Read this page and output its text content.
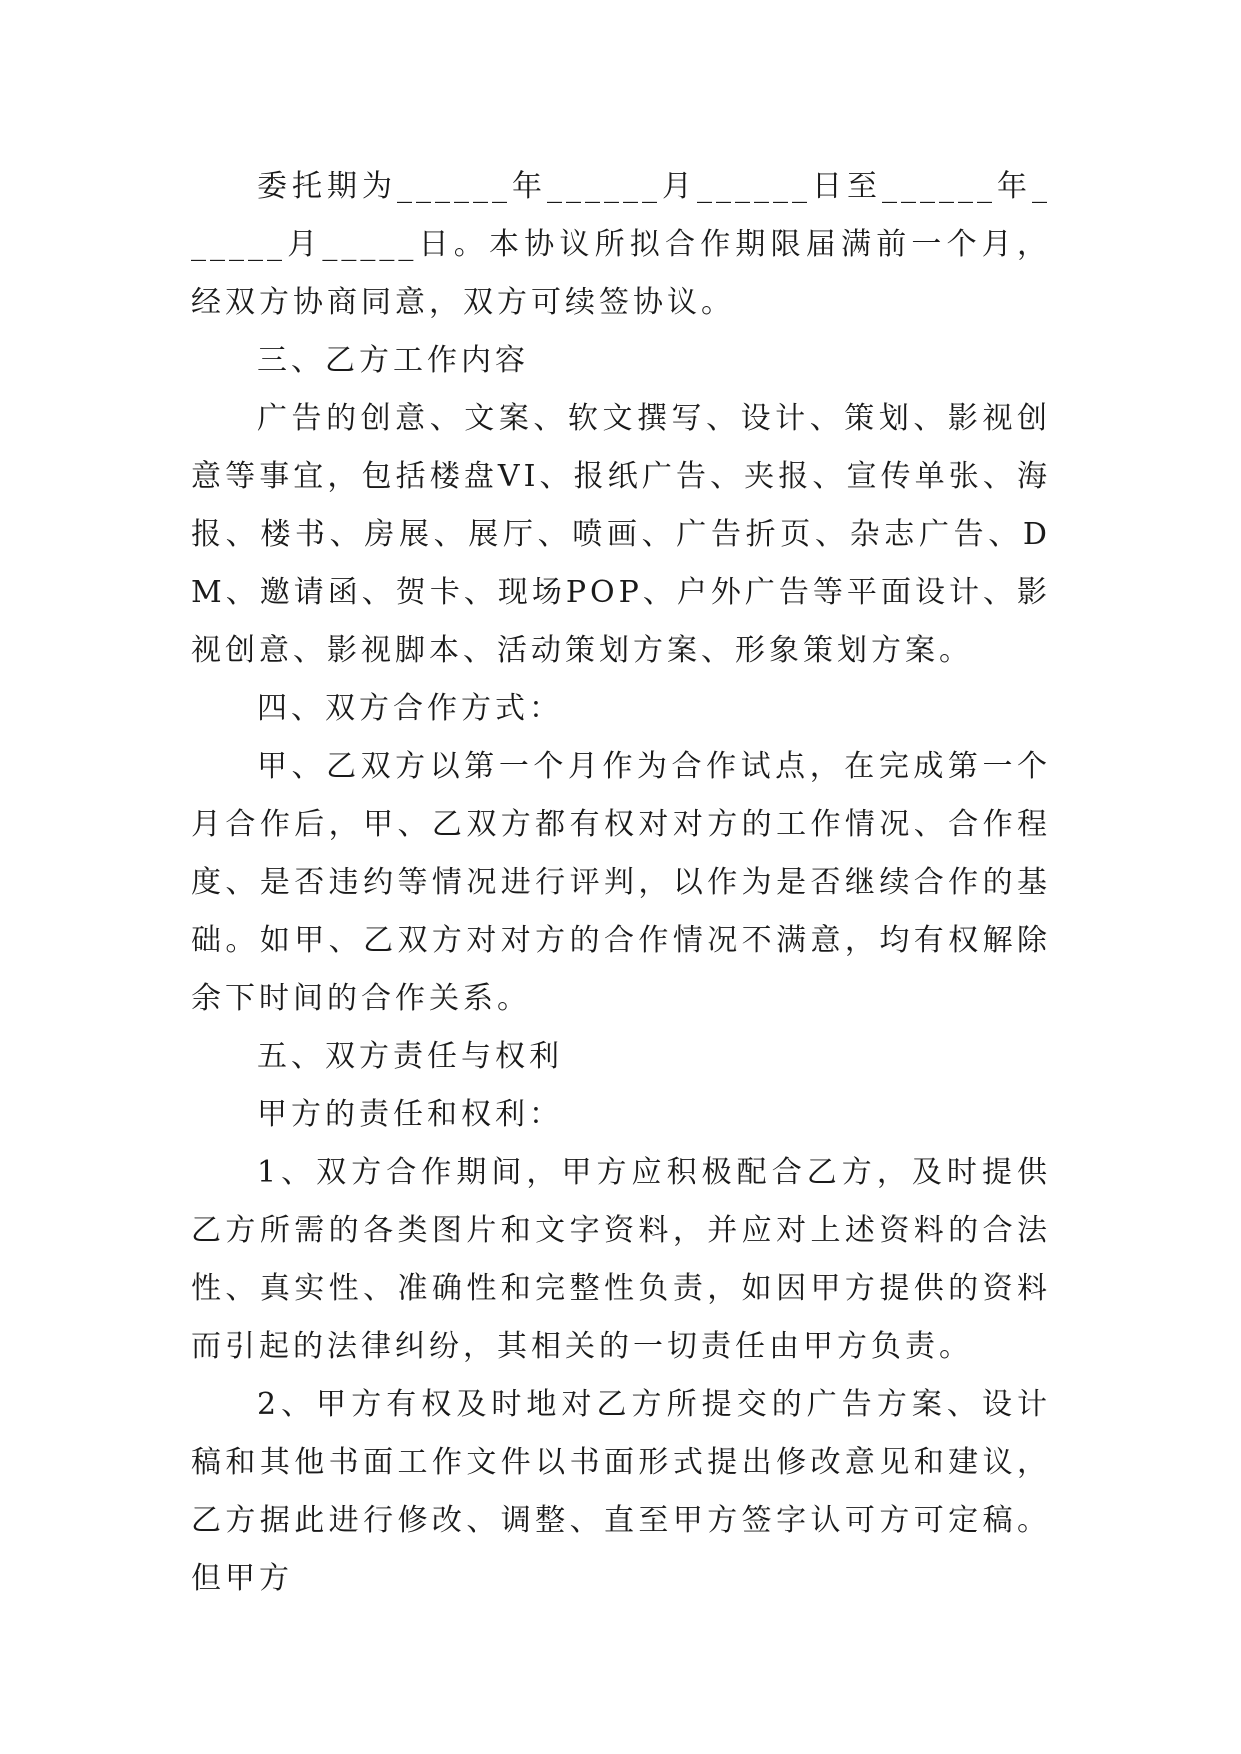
委托期为______年______月______日至______年______月_____日。本协议所拟合作期限届满前一个月，经双方协商同意，双方可续签协议。

三、乙方工作内容

广告的创意、文案、软文撰写、设计、策划、影视创意等事宜，包括楼盘VI、报纸广告、夹报、宣传单张、海报、楼书、房展、展厅、喷画、广告折页、杂志广告、DM、邀请函、贺卡、现场POP、户外广告等平面设计、影视创意、影视脚本、活动策划方案、形象策划方案。

四、双方合作方式：

甲、乙双方以第一个月作为合作试点，在完成第一个月合作后，甲、乙双方都有权对对方的工作情况、合作程度、是否违约等情况进行评判，以作为是否继续合作的基础。如甲、乙双方对对方的合作情况不满意，均有权解除余下时间的合作关系。

五、双方责任与权利

甲方的责任和权利：

1、双方合作期间，甲方应积极配合乙方，及时提供乙方所需的各类图片和文字资料，并应对上述资料的合法性、真实性、准确性和完整性负责，如因甲方提供的资料而引起的法律纠纷，其相关的一切责任由甲方负责。

2、甲方有权及时地对乙方所提交的广告方案、设计稿和其他书面工作文件以书面形式提出修改意见和建议，乙方据此进行修改、调整、直至甲方签字认可方可定稿。但甲方
